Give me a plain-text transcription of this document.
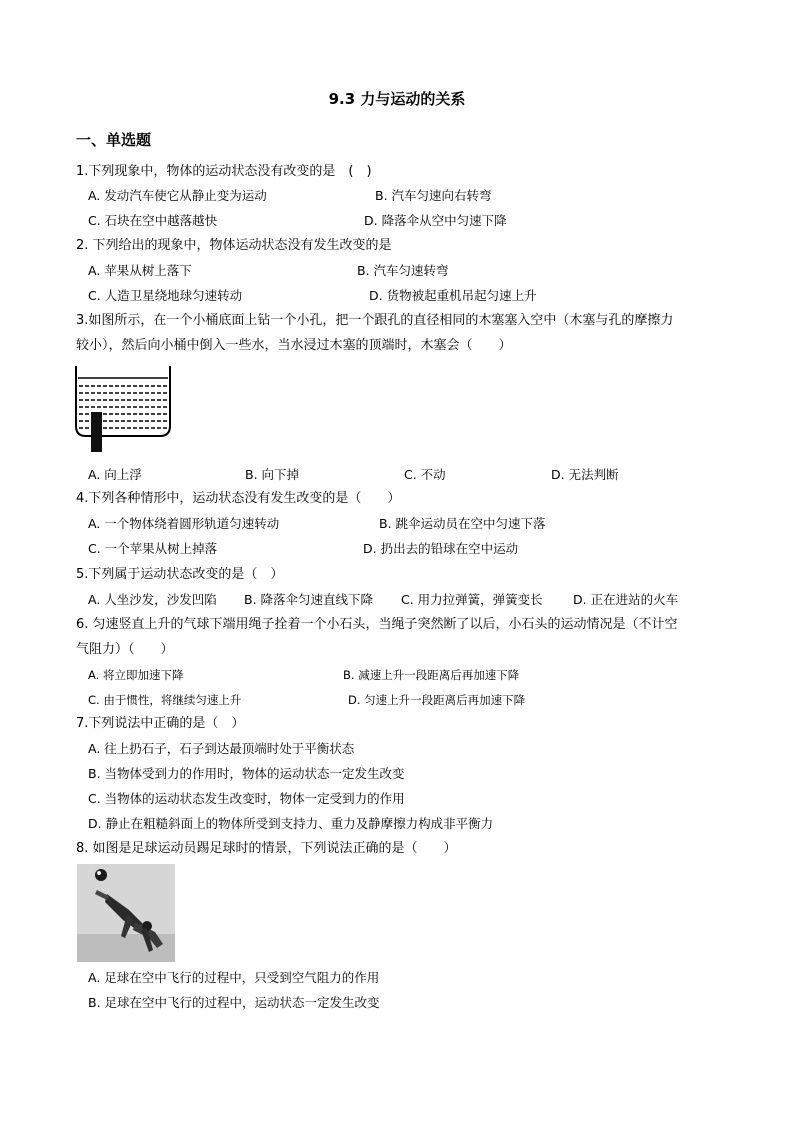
9.3 力与运动的关系
一、单选题
1.下列现象中，物体的运动状态没有改变的是　(　)
A. 发动汽车使它从静止变为运动	B. 汽车匀速向右转弯
C. 石块在空中越落越快	D. 降落伞从空中匀速下降
2. 下列给出的现象中，物体运动状态没有发生改变的是
A. 苹果从树上落下	B. 汽车匀速转弯
C. 人造卫星绕地球匀速转动	D. 货物被起重机吊起匀速上升
3.如图所示，在一个小桶底面上钻一个小孔，把一个跟孔的直径相同的木塞塞入空中（木塞与孔的摩擦力
较小），然后向小桶中倒入一些水，当水浸过木塞的顶端时，木塞会（　　）
A. 向上浮	B. 向下掉	C. 不动	D. 无法判断
4.下列各种情形中，运动状态没有发生改变的是（　　）
A. 一个物体绕着圆形轨道匀速转动	B. 跳伞运动员在空中匀速下落
C. 一个苹果从树上掉落	D. 扔出去的铅球在空中运动
5.下列属于运动状态改变的是（　）
A. 人坐沙发，沙发凹陷 B. 降落伞匀速直线下降 C. 用力拉弹簧，弹簧变长 D. 正在进站的火车
6. 匀速竖直上升的气球下端用绳子拴着一个小石头，当绳子突然断了以后，小石头的运动情况是（不计空
气阻力）（　　）
A. 将立即加速下降	B. 减速上升一段距离后再加速下降
C. 由于惯性，将继续匀速上升	D. 匀速上升一段距离后再加速下降
7.下列说法中正确的是（　）
A. 往上扔石子，石子到达最顶端时处于平衡状态
B. 当物体受到力的作用时，物体的运动状态一定发生改变
C. 当物体的运动状态发生改变时，物体一定受到力的作用
D. 静止在粗糙斜面上的物体所受到支持力、重力及静摩擦力构成非平衡力
8. 如图是足球运动员踢足球时的情景，下列说法正确的是（　　）
A. 足球在空中飞行的过程中，只受到空气阻力的作用
B. 足球在空中飞行的过程中，运动状态一定发生改变
